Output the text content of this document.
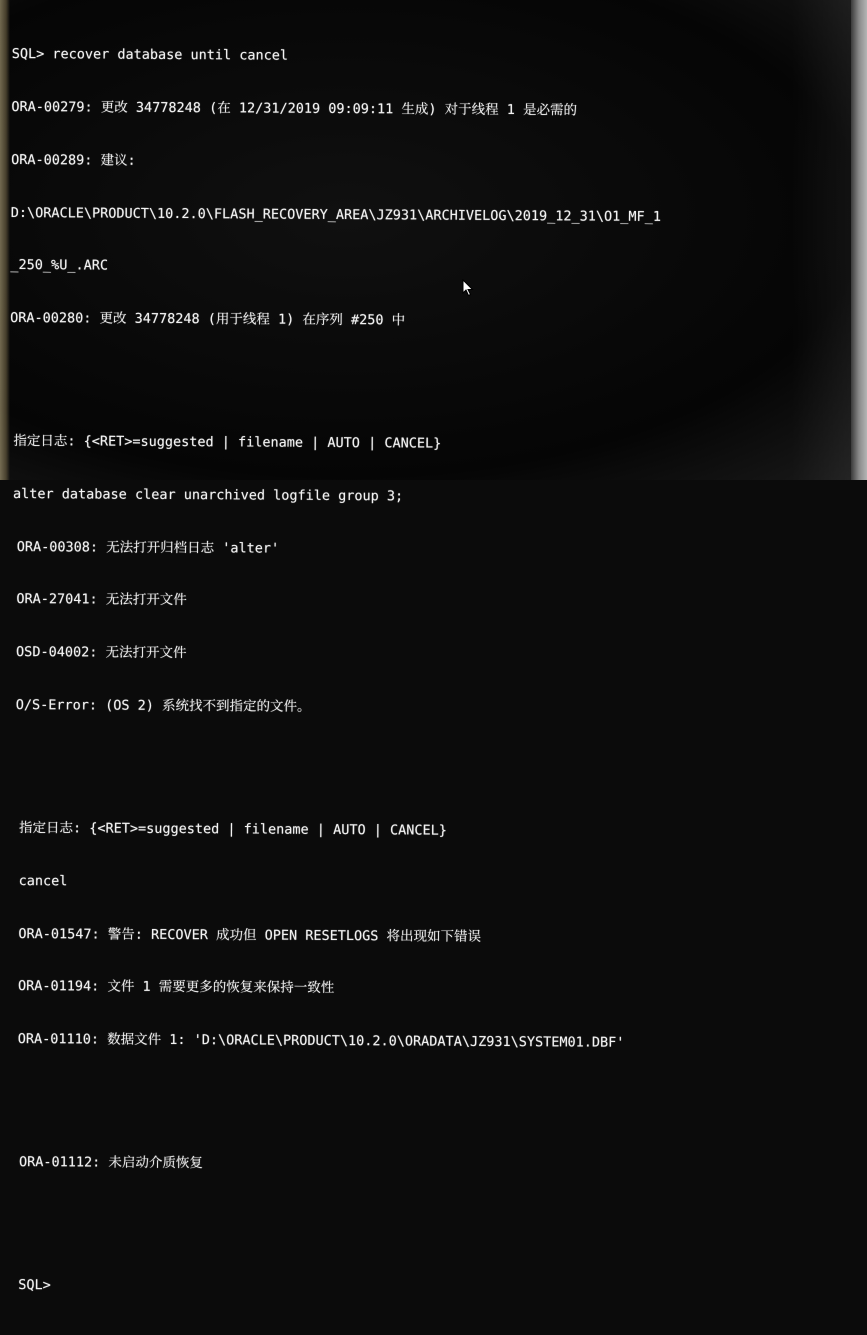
SQL> recover database until cancel

ORA-00279: 更改 34778248 (在 12/31/2019 09:09:11 生成) 对于线程 1 是必需的

ORA-00289: 建议:

D:\ORACLE\PRODUCT\10.2.0\FLASH_RECOVERY_AREA\JZ931\ARCHIVELOG\2019_12_31\O1_MF_1

_250_%U_.ARC

ORA-00280: 更改 34778248 (用于线程 1) 在序列 #250 中

指定日志: {<RET>=suggested | filename | AUTO | CANCEL}

alter database clear unarchived logfile group 3;

ORA-00308: 无法打开归档日志 'alter'

ORA-27041: 无法打开文件

OSD-04002: 无法打开文件

O/S-Error: (OS 2) 系统找不到指定的文件。

指定日志: {<RET>=suggested | filename | AUTO | CANCEL}

cancel

ORA-01547: 警告: RECOVER 成功但 OPEN RESETLOGS 将出现如下错误

ORA-01194: 文件 1 需要更多的恢复来保持一致性

ORA-01110: 数据文件 1: 'D:\ORACLE\PRODUCT\10.2.0\ORADATA\JZ931\SYSTEM01.DBF'

ORA-01112: 未启动介质恢复

SQL>
